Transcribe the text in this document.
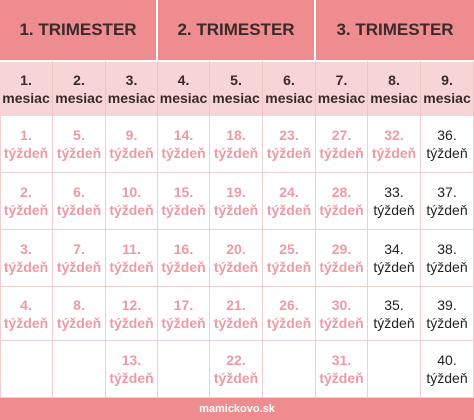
mamickovo.sk
1. TRIMESTER	2. TRIMESTER	3. TRIMESTER
1.
mesiac
2.
mesiac
3.
mesiac
4.
mesiac
5.
mesiac
6.
mesiac
7.
mesiac
8.
mesiac
9.
mesiac
1.
týždeň
2.
týždeň
3.
týždeň
4.
týždeň
5.
týždeň
6.
týždeň
7.
týždeň
8.
týždeň
9.
týždeň
10.
týždeň
11.
týždeň
12.
týždeň
13.
týždeň
14.
týždeň
15.
týždeň
16.
týždeň
17.
týždeň
18.
týždeň
19.
týždeň
20.
týždeň
21.
týždeň
22.
týždeň
23.
týždeň
24.
týždeň
25.
týždeň
26.
týždeň
27.
týždeň
28.
týždeň
29.
týždeň
30.
týždeň
31.
týždeň
32.
týždeň
33.
týždeň
34.
týždeň
35.
týždeň
36.
týždeň
37.
týždeň
38.
týždeň
39.
týždeň
40.
týždeň
